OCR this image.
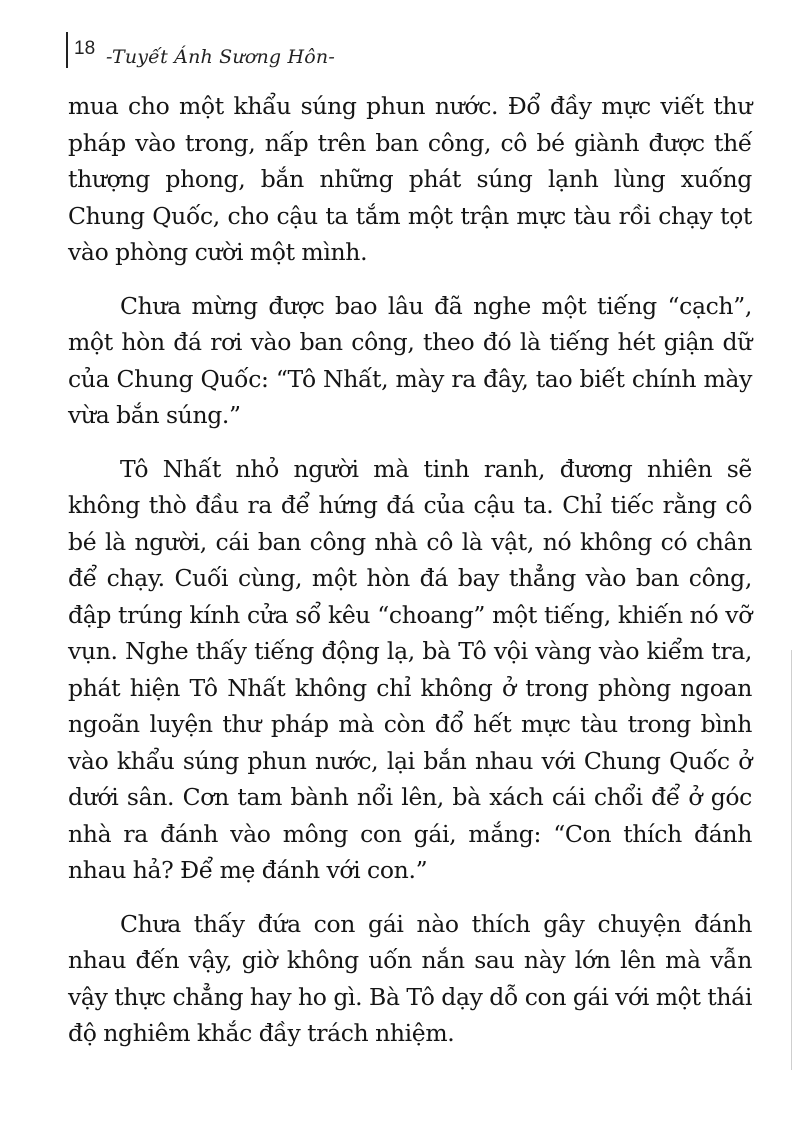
18 -Tuyết Ánh Sương Hôn-

mua cho một khẩu súng phun nước. Đổ đầy mực viết thư pháp vào trong, nấp trên ban công, cô bé giành được thế thượng phong, bắn những phát súng lạnh lùng xuống Chung Quốc, cho cậu ta tắm một trận mực tàu rồi chạy tọt vào phòng cười một mình.

Chưa mừng được bao lâu đã nghe một tiếng “cạch”, một hòn đá rơi vào ban công, theo đó là tiếng hét giận dữ của Chung Quốc: “Tô Nhất, mày ra đây, tao biết chính mày vừa bắn súng.”

Tô Nhất nhỏ người mà tinh ranh, đương nhiên sẽ không thò đầu ra để hứng đá của cậu ta. Chỉ tiếc rằng cô bé là người, cái ban công nhà cô là vật, nó không có chân để chạy. Cuối cùng, một hòn đá bay thẳng vào ban công, đập trúng kính cửa sổ kêu “choang” một tiếng, khiến nó vỡ vụn. Nghe thấy tiếng động lạ, bà Tô vội vàng vào kiểm tra, phát hiện Tô Nhất không chỉ không ở trong phòng ngoan ngoãn luyện thư pháp mà còn đổ hết mực tàu trong bình vào khẩu súng phun nước, lại bắn nhau với Chung Quốc ở dưới sân. Cơn tam bành nổi lên, bà xách cái chổi để ở góc nhà ra đánh vào mông con gái, mắng: “Con thích đánh nhau hả? Để mẹ đánh với con.”

Chưa thấy đứa con gái nào thích gây chuyện đánh nhau đến vậy, giờ không uốn nắn sau này lớn lên mà vẫn vậy thực chẳng hay ho gì. Bà Tô dạy dỗ con gái với một thái độ nghiêm khắc đầy trách nhiệm.
